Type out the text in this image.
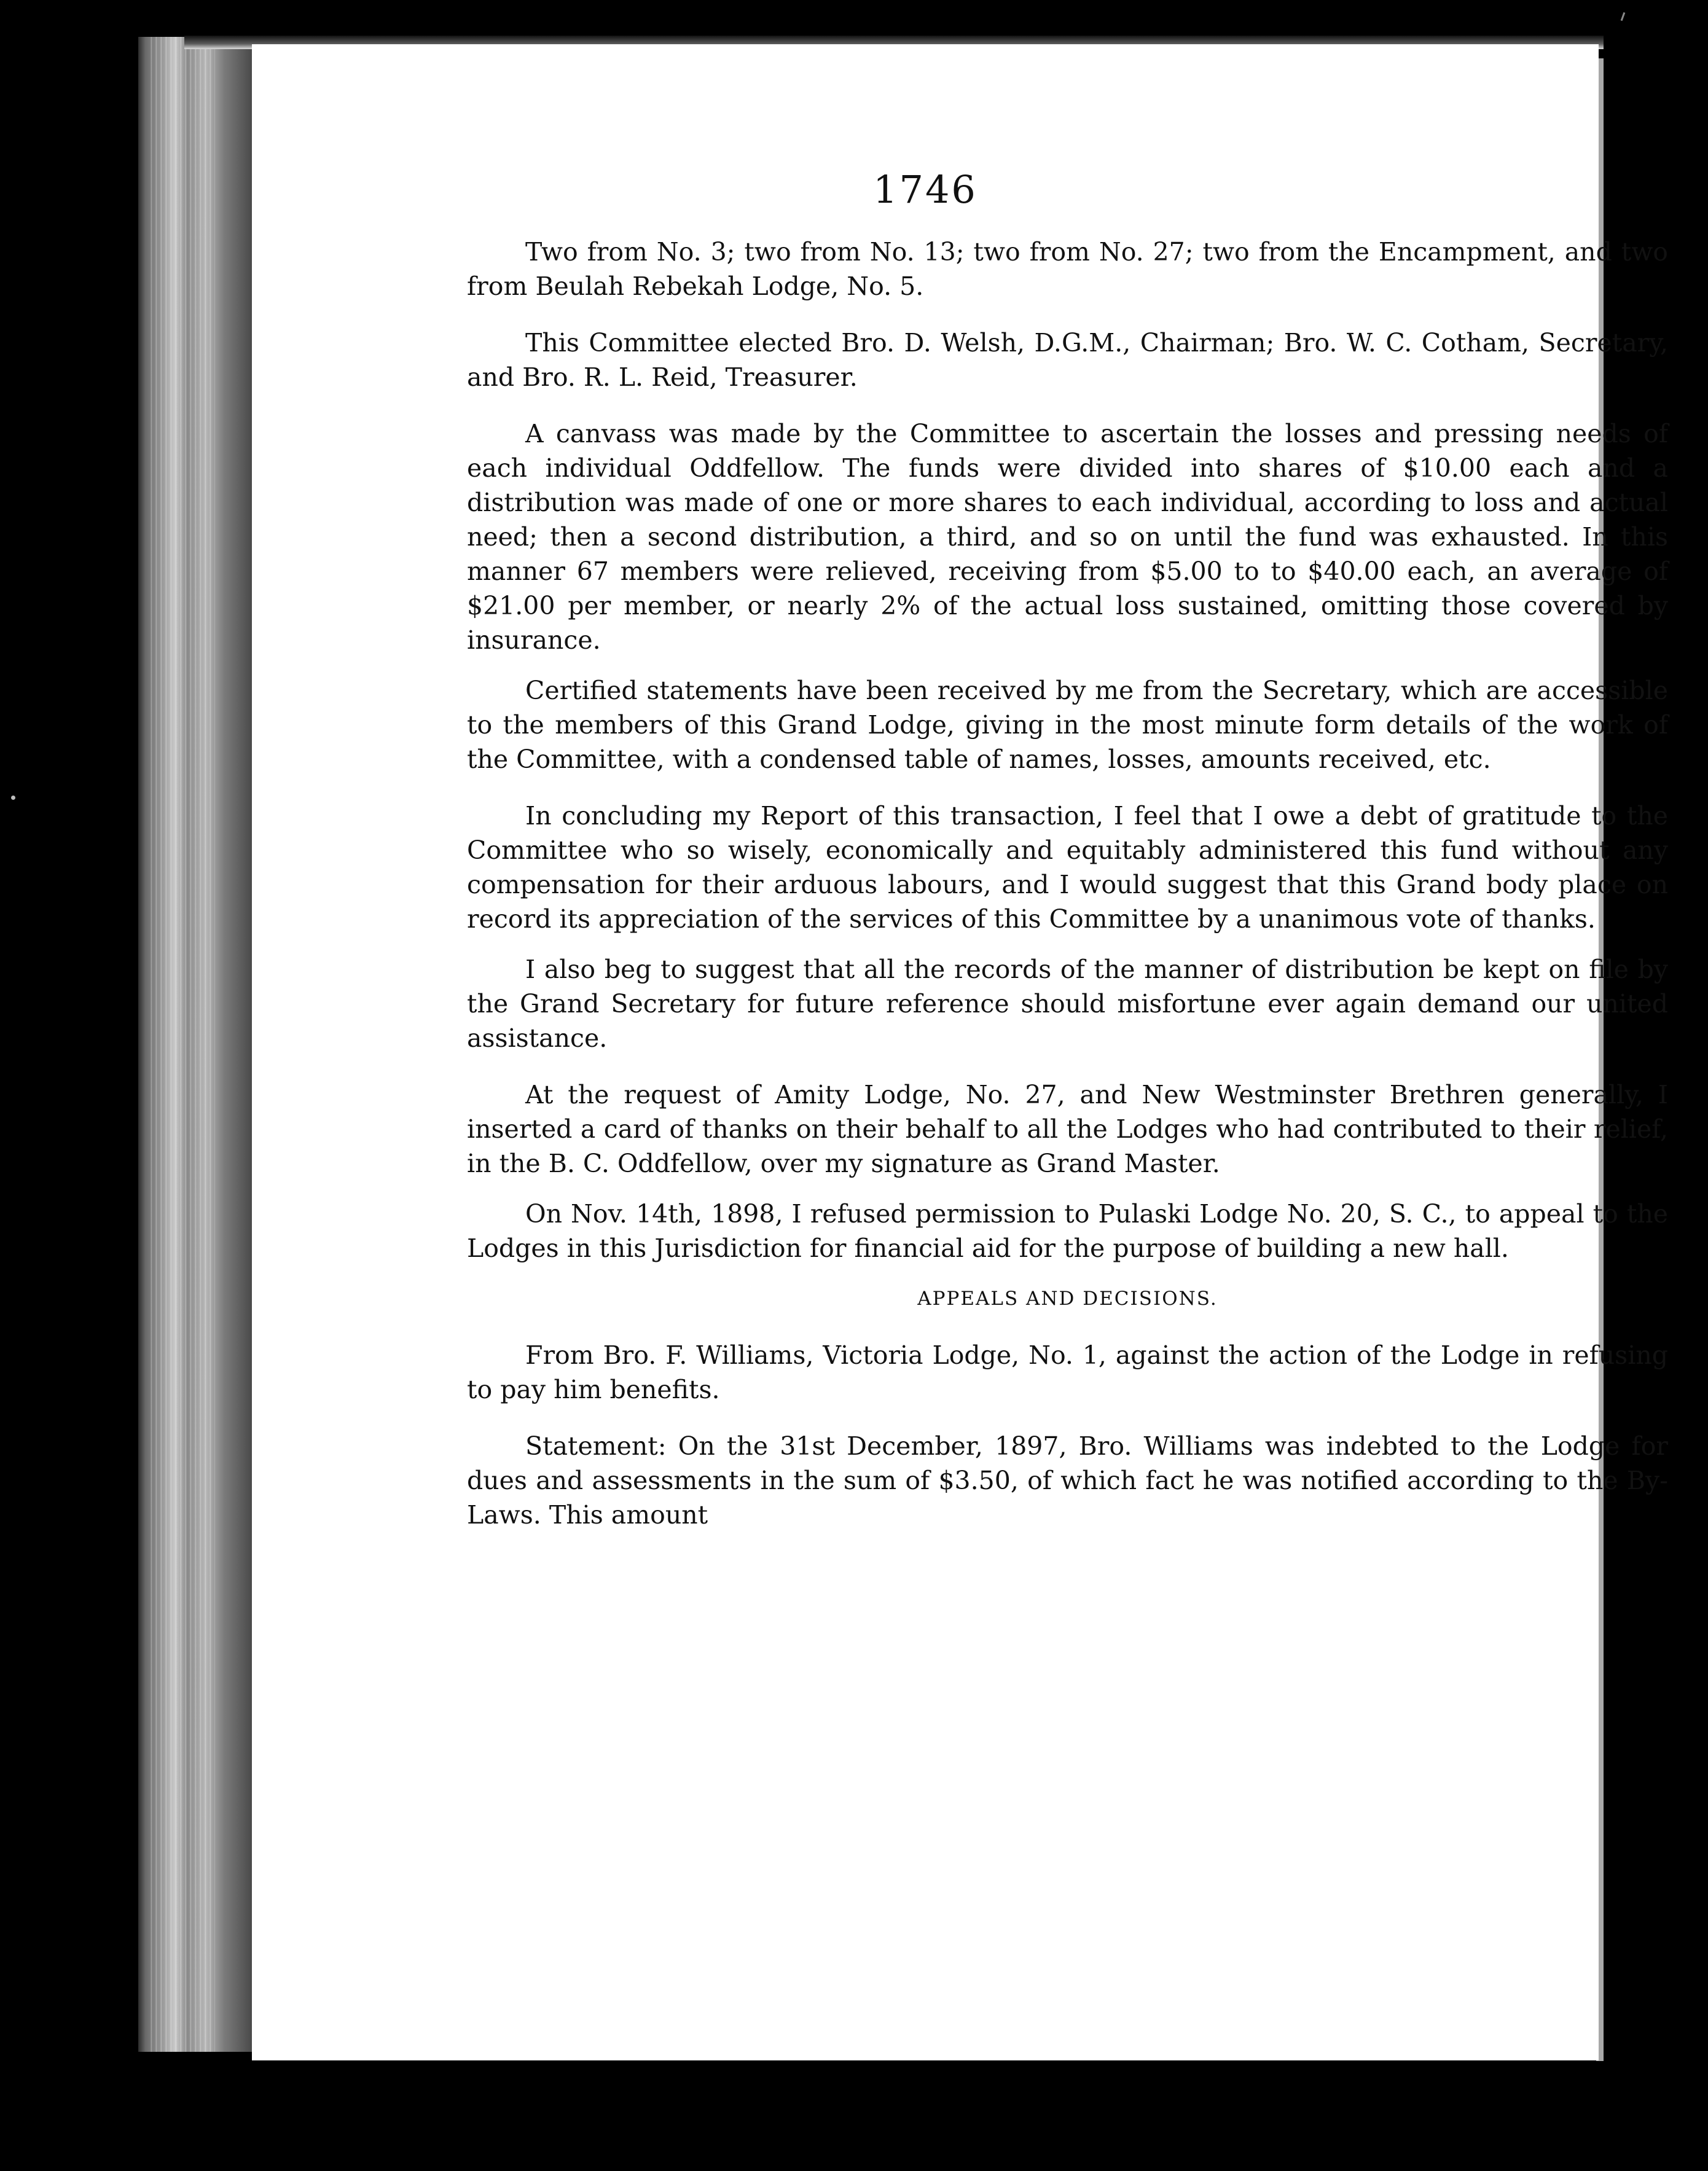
1746

Two from No. 3; two from No. 13; two from No. 27; two from the Encampment, and two from Beulah Rebekah Lodge, No. 5.

This Committee elected Bro. D. Welsh, D.G.M., Chairman; Bro. W. C. Cotham, Secretary, and Bro. R. L. Reid, Treasurer.

A canvass was made by the Committee to ascertain the losses and pressing needs of each individual Oddfellow. The funds were divided into shares of $10.00 each and a distribution was made of one or more shares to each individual, according to loss and actual need; then a second distribution, a third, and so on until the fund was exhausted. In this manner 67 members were relieved, receiving from $5.00 to to $40.00 each, an average of $21.00 per member, or nearly 2% of the actual loss sustained, omitting those covered by insurance.

Certified statements have been received by me from the Secretary, which are accessible to the members of this Grand Lodge, giving in the most minute form details of the work of the Committee, with a condensed table of names, losses, amounts received, etc.

In concluding my Report of this transaction, I feel that I owe a debt of gratitude to the Committee who so wisely, economically and equitably administered this fund without any compensation for their arduous labours, and I would suggest that this Grand body place on record its appreciation of the services of this Committee by a unanimous vote of thanks.

I also beg to suggest that all the records of the manner of distribution be kept on file by the Grand Secretary for future reference should misfortune ever again demand our united assistance.

At the request of Amity Lodge, No. 27, and New Westminster Brethren generally, I inserted a card of thanks on their behalf to all the Lodges who had contributed to their relief, in the B. C. Oddfellow, over my signature as Grand Master.

On Nov. 14th, 1898, I refused permission to Pulaski Lodge No. 20, S. C., to appeal to the Lodges in this Jurisdiction for financial aid for the purpose of building a new hall.

APPEALS AND DECISIONS.

From Bro. F. Williams, Victoria Lodge, No. 1, against the action of the Lodge in refusing to pay him benefits.

Statement: On the 31st December, 1897, Bro. Williams was indebted to the Lodge for dues and assessments in the sum of $3.50, of which fact he was notified according to the By-Laws. This amount
